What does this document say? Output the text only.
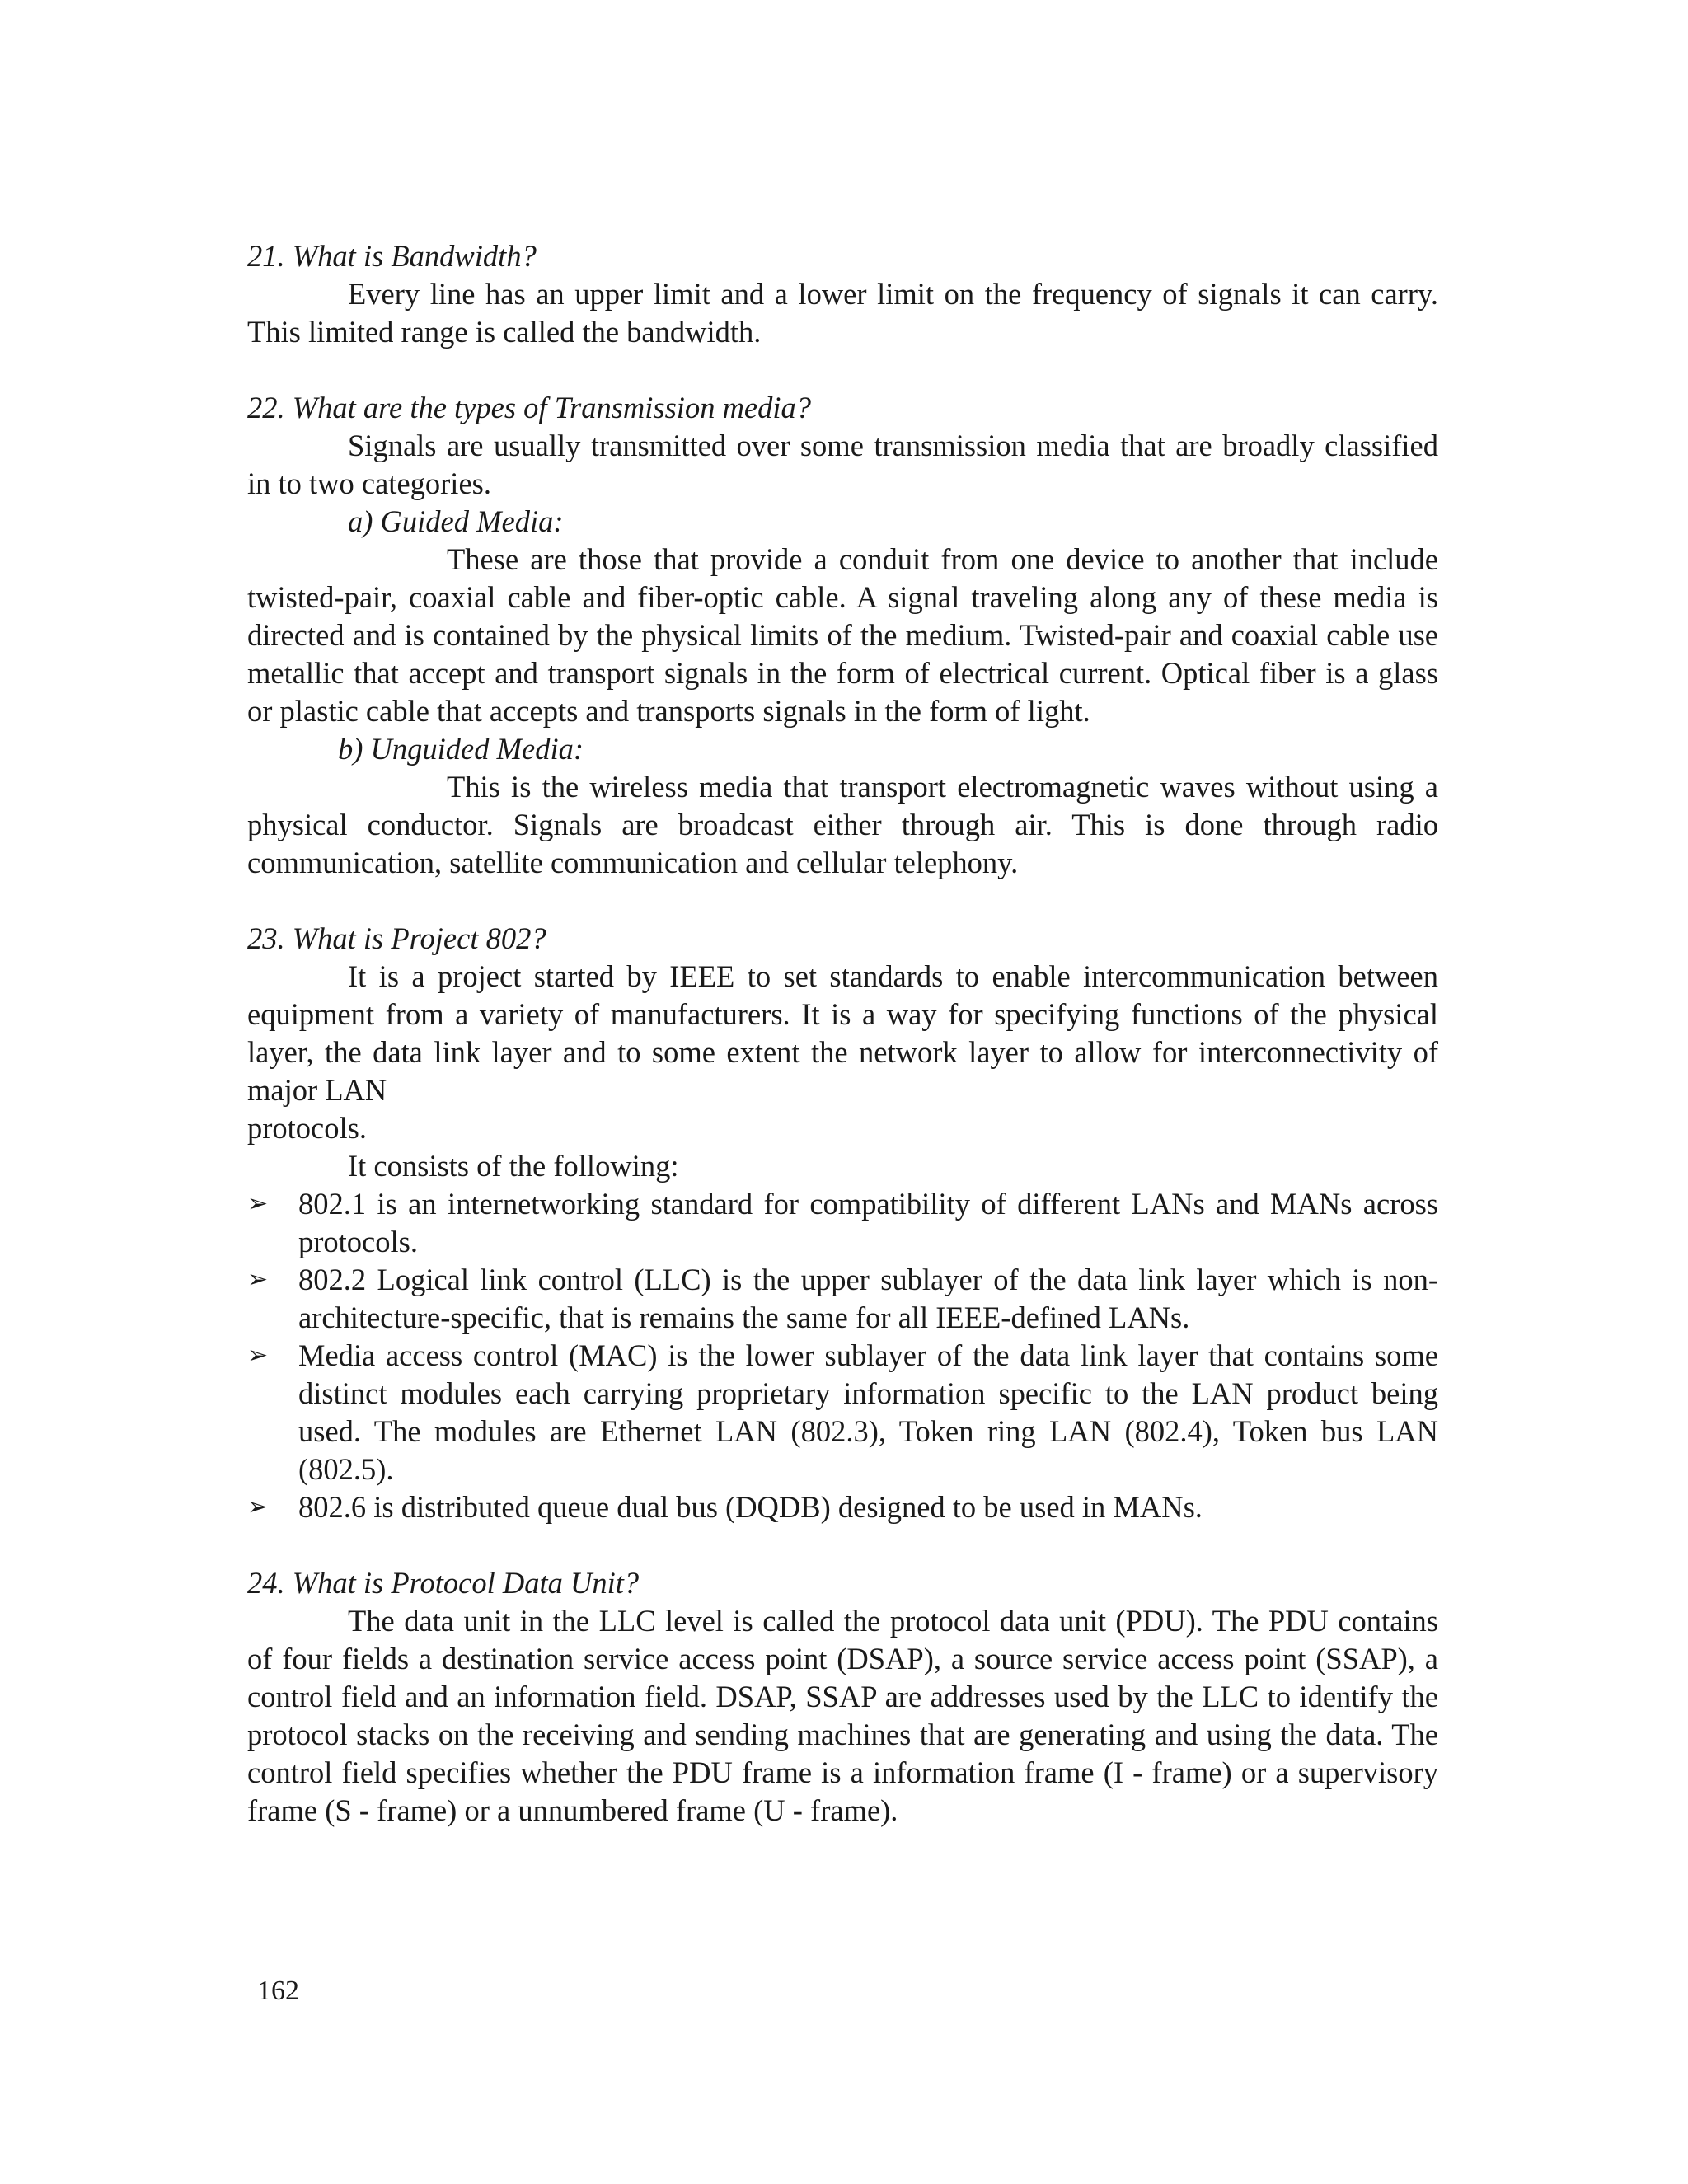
21. What is Bandwidth?

Every line has an upper limit and a lower limit on the frequency of signals it can carry. This limited range is called the bandwidth.

22. What are the types of Transmission media?

Signals are usually transmitted over some transmission media that are broadly classified in to two categories.

a) Guided Media:

These are those that provide a conduit from one device to another that include twisted-pair, coaxial cable and fiber-optic cable. A signal traveling along any of these media is directed and is contained by the physical limits of the medium. Twisted-pair and coaxial cable use metallic that accept and transport signals in the form of electrical current. Optical fiber is a glass or plastic cable that accepts and transports signals in the form of light.

b) Unguided Media:

This is the wireless media that transport electromagnetic waves without using a physical conductor. Signals are broadcast either through air. This is done through radio communication, satellite communication and cellular telephony.

23. What is Project 802?

It is a project started by IEEE to set standards to enable intercommunication between equipment from a variety of manufacturers. It is a way for specifying functions of the physical layer, the data link layer and to some extent the network layer to allow for interconnectivity of major LAN

protocols.

It consists of the following:

➢ 802.1 is an internetworking standard for compatibility of different LANs and MANs across protocols.
➢ 802.2 Logical link control (LLC) is the upper sublayer of the data link layer which is non-architecture-specific, that is remains the same for all IEEE-defined LANs.
➢ Media access control (MAC) is the lower sublayer of the data link layer that contains some distinct modules each carrying proprietary information specific to the LAN product being used. The modules are Ethernet LAN (802.3), Token ring LAN (802.4), Token bus LAN (802.5).
➢ 802.6 is distributed queue dual bus (DQDB) designed to be used in MANs.
24. What is Protocol Data Unit?

The data unit in the LLC level is called the protocol data unit (PDU). The PDU contains of four fields a destination service access point (DSAP), a source service access point (SSAP), a control field and an information field. DSAP, SSAP are addresses used by the LLC to identify the protocol stacks on the receiving and sending machines that are generating and using the data. The control field specifies whether the PDU frame is a information frame (I - frame) or a supervisory frame (S - frame) or a unnumbered frame (U - frame).

162
